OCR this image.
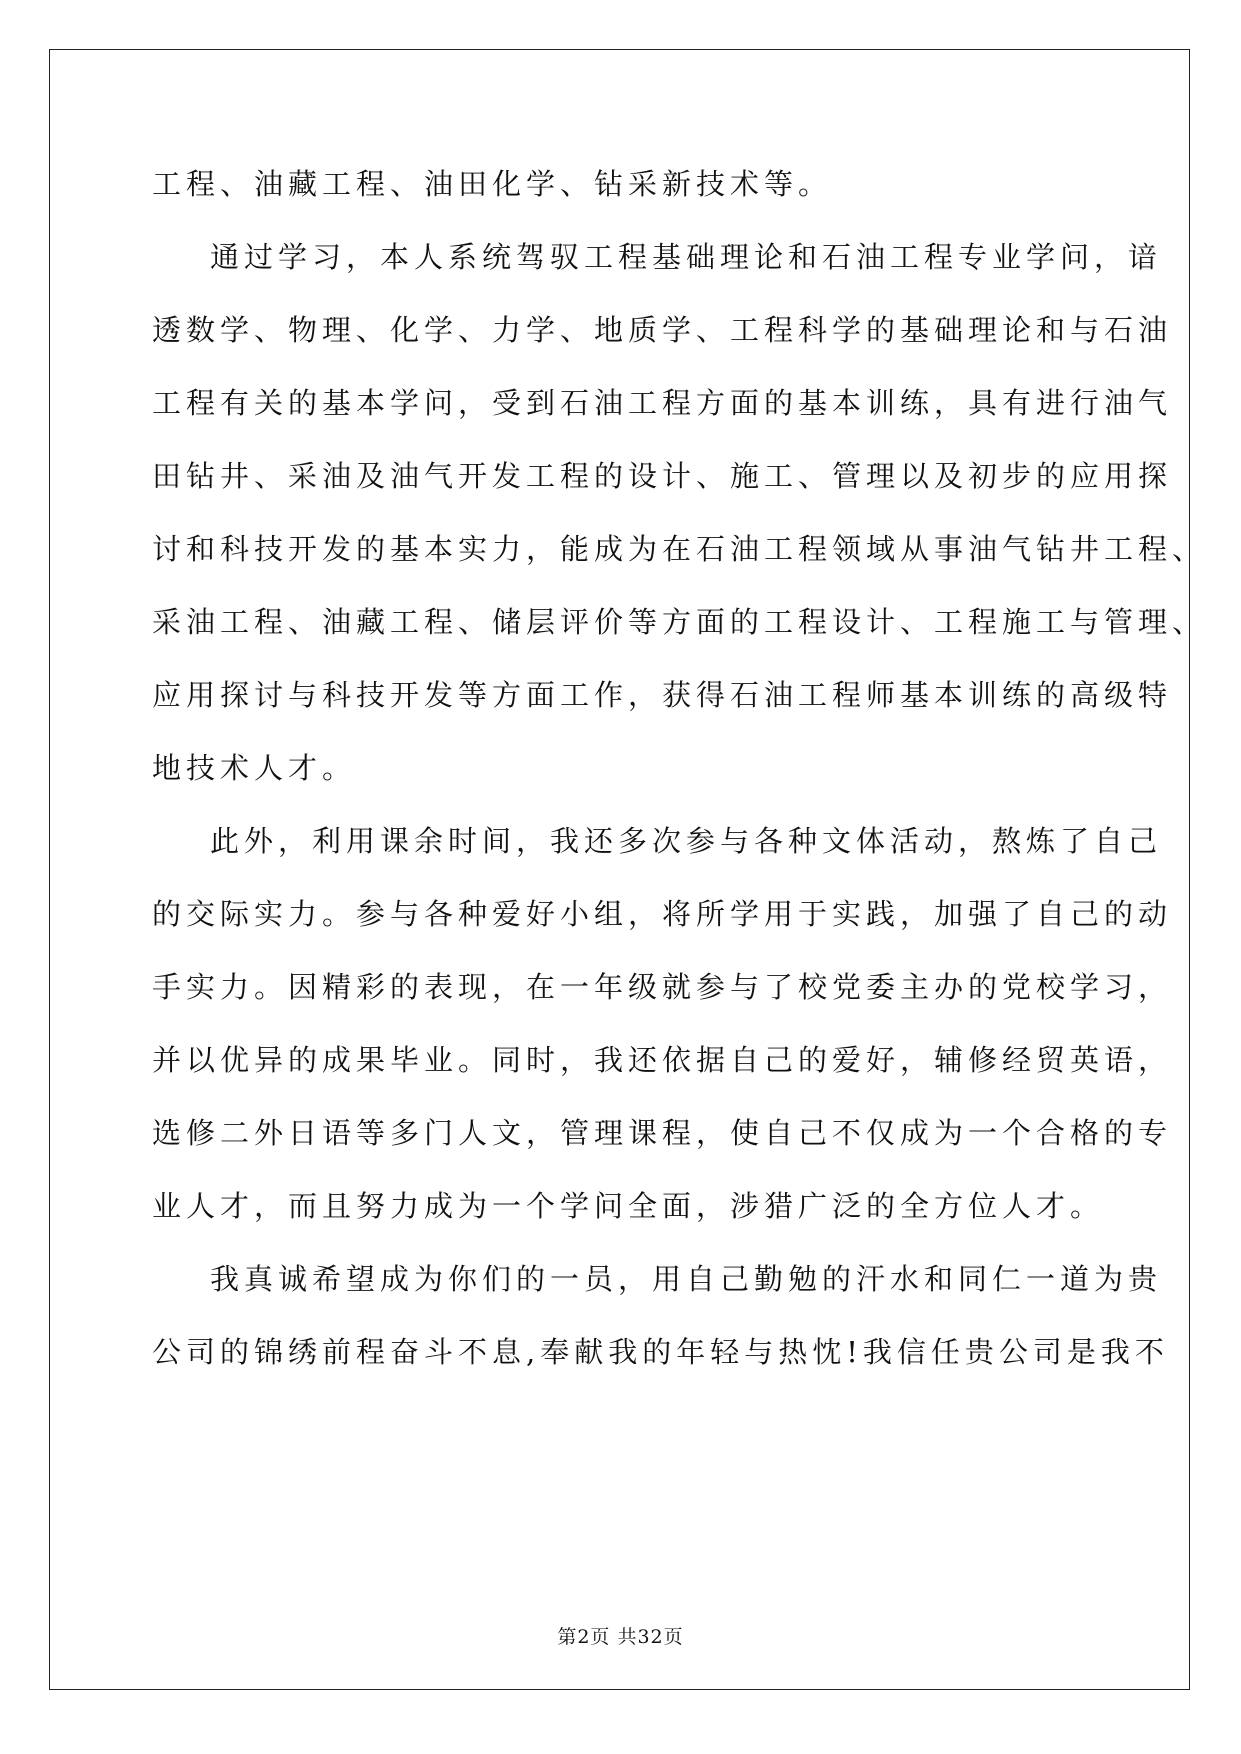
工程、油藏工程、油田化学、钻采新技术等。
通过学习，本人系统驾驭工程基础理论和石油工程专业学问，谙
透数学、物理、化学、力学、地质学、工程科学的基础理论和与石油
工程有关的基本学问，受到石油工程方面的基本训练，具有进行油气
田钻井、采油及油气开发工程的设计、施工、管理以及初步的应用探
讨和科技开发的基本实力，能成为在石油工程领域从事油气钻井工程、
采油工程、油藏工程、储层评价等方面的工程设计、工程施工与管理、
应用探讨与科技开发等方面工作，获得石油工程师基本训练的高级特
地技术人才。
此外，利用课余时间，我还多次参与各种文体活动，熬炼了自己
的交际实力。参与各种爱好小组，将所学用于实践，加强了自己的动
手实力。因精彩的表现，在一年级就参与了校党委主办的党校学习，
并以优异的成果毕业。同时，我还依据自己的爱好，辅修经贸英语，
选修二外日语等多门人文，管理课程，使自己不仅成为一个合格的专
业人才，而且努力成为一个学问全面，涉猎广泛的全方位人才。
我真诚希望成为你们的一员，用自己勤勉的汗水和同仁一道为贵
公司的锦绣前程奋斗不息,奉献我的年轻与热忱!我信任贵公司是我不
第2页 共32页
